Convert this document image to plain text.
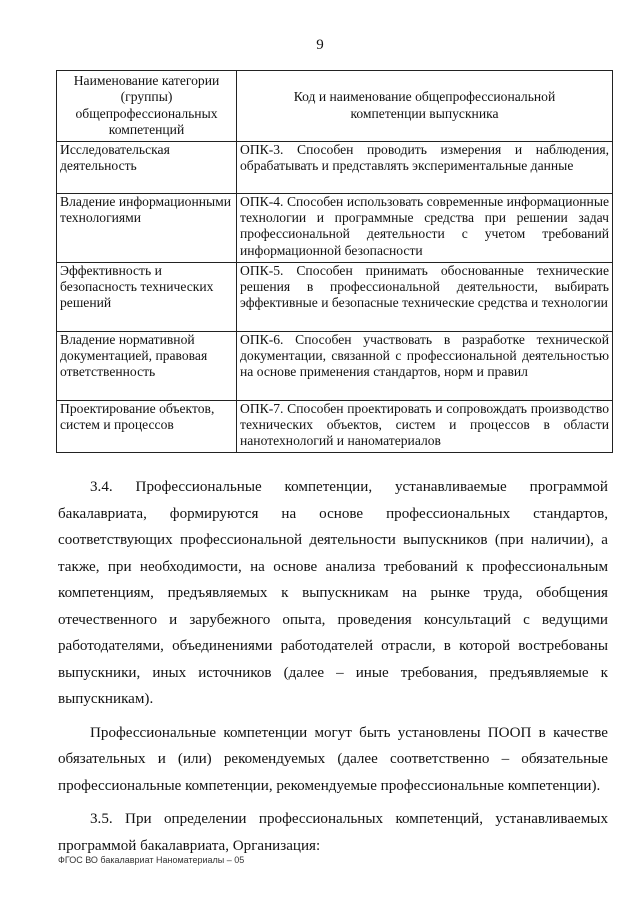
9
Наименование категории (группы) общепрофессиональных компетенций	Код и наименование общепрофессиональной компетенции выпускника
Исследовательская деятельность	ОПК-3. Способен проводить измерения и наблюдения, обрабатывать и представлять экспериментальные данные
Владение информационными технологиями	ОПК-4. Способен использовать современные информационные технологии и программные средства при решении задач профессиональной деятельности с учетом требований информационной безопасности
Эффективность и безопасность технических решений	ОПК-5. Способен принимать обоснованные технические решения в профессиональной деятельности, выбирать эффективные и безопасные технические средства и технологии
Владение нормативной документацией, правовая ответственность	ОПК-6. Способен участвовать в разработке технической документации, связанной с профессиональной деятельностью на основе применения стандартов, норм и правил
Проектирование объектов, систем и процессов	ОПК-7. Способен проектировать и сопровождать производство технических объектов, систем и процессов в области нанотехнологий и наноматериалов

3.4. Профессиональные компетенции, устанавливаемые программой бакалавриата, формируются на основе профессиональных стандартов, соответствующих профессиональной деятельности выпускников (при наличии), а также, при необходимости, на основе анализа требований к профессиональным компетенциям, предъявляемых к выпускникам на рынке труда, обобщения отечественного и зарубежного опыта, проведения консультаций с ведущими работодателями, объединениями работодателей отрасли, в которой востребованы выпускники, иных источников (далее – иные требования, предъявляемые к выпускникам).

Профессиональные компетенции могут быть установлены ПООП в качестве обязательных и (или) рекомендуемых (далее соответственно – обязательные профессиональные компетенции, рекомендуемые профессиональные компетенции).

3.5. При определении профессиональных компетенций, устанавливаемых программой бакалавриата, Организация:

ФГОС ВО бакалавриат Наноматериалы – 05
